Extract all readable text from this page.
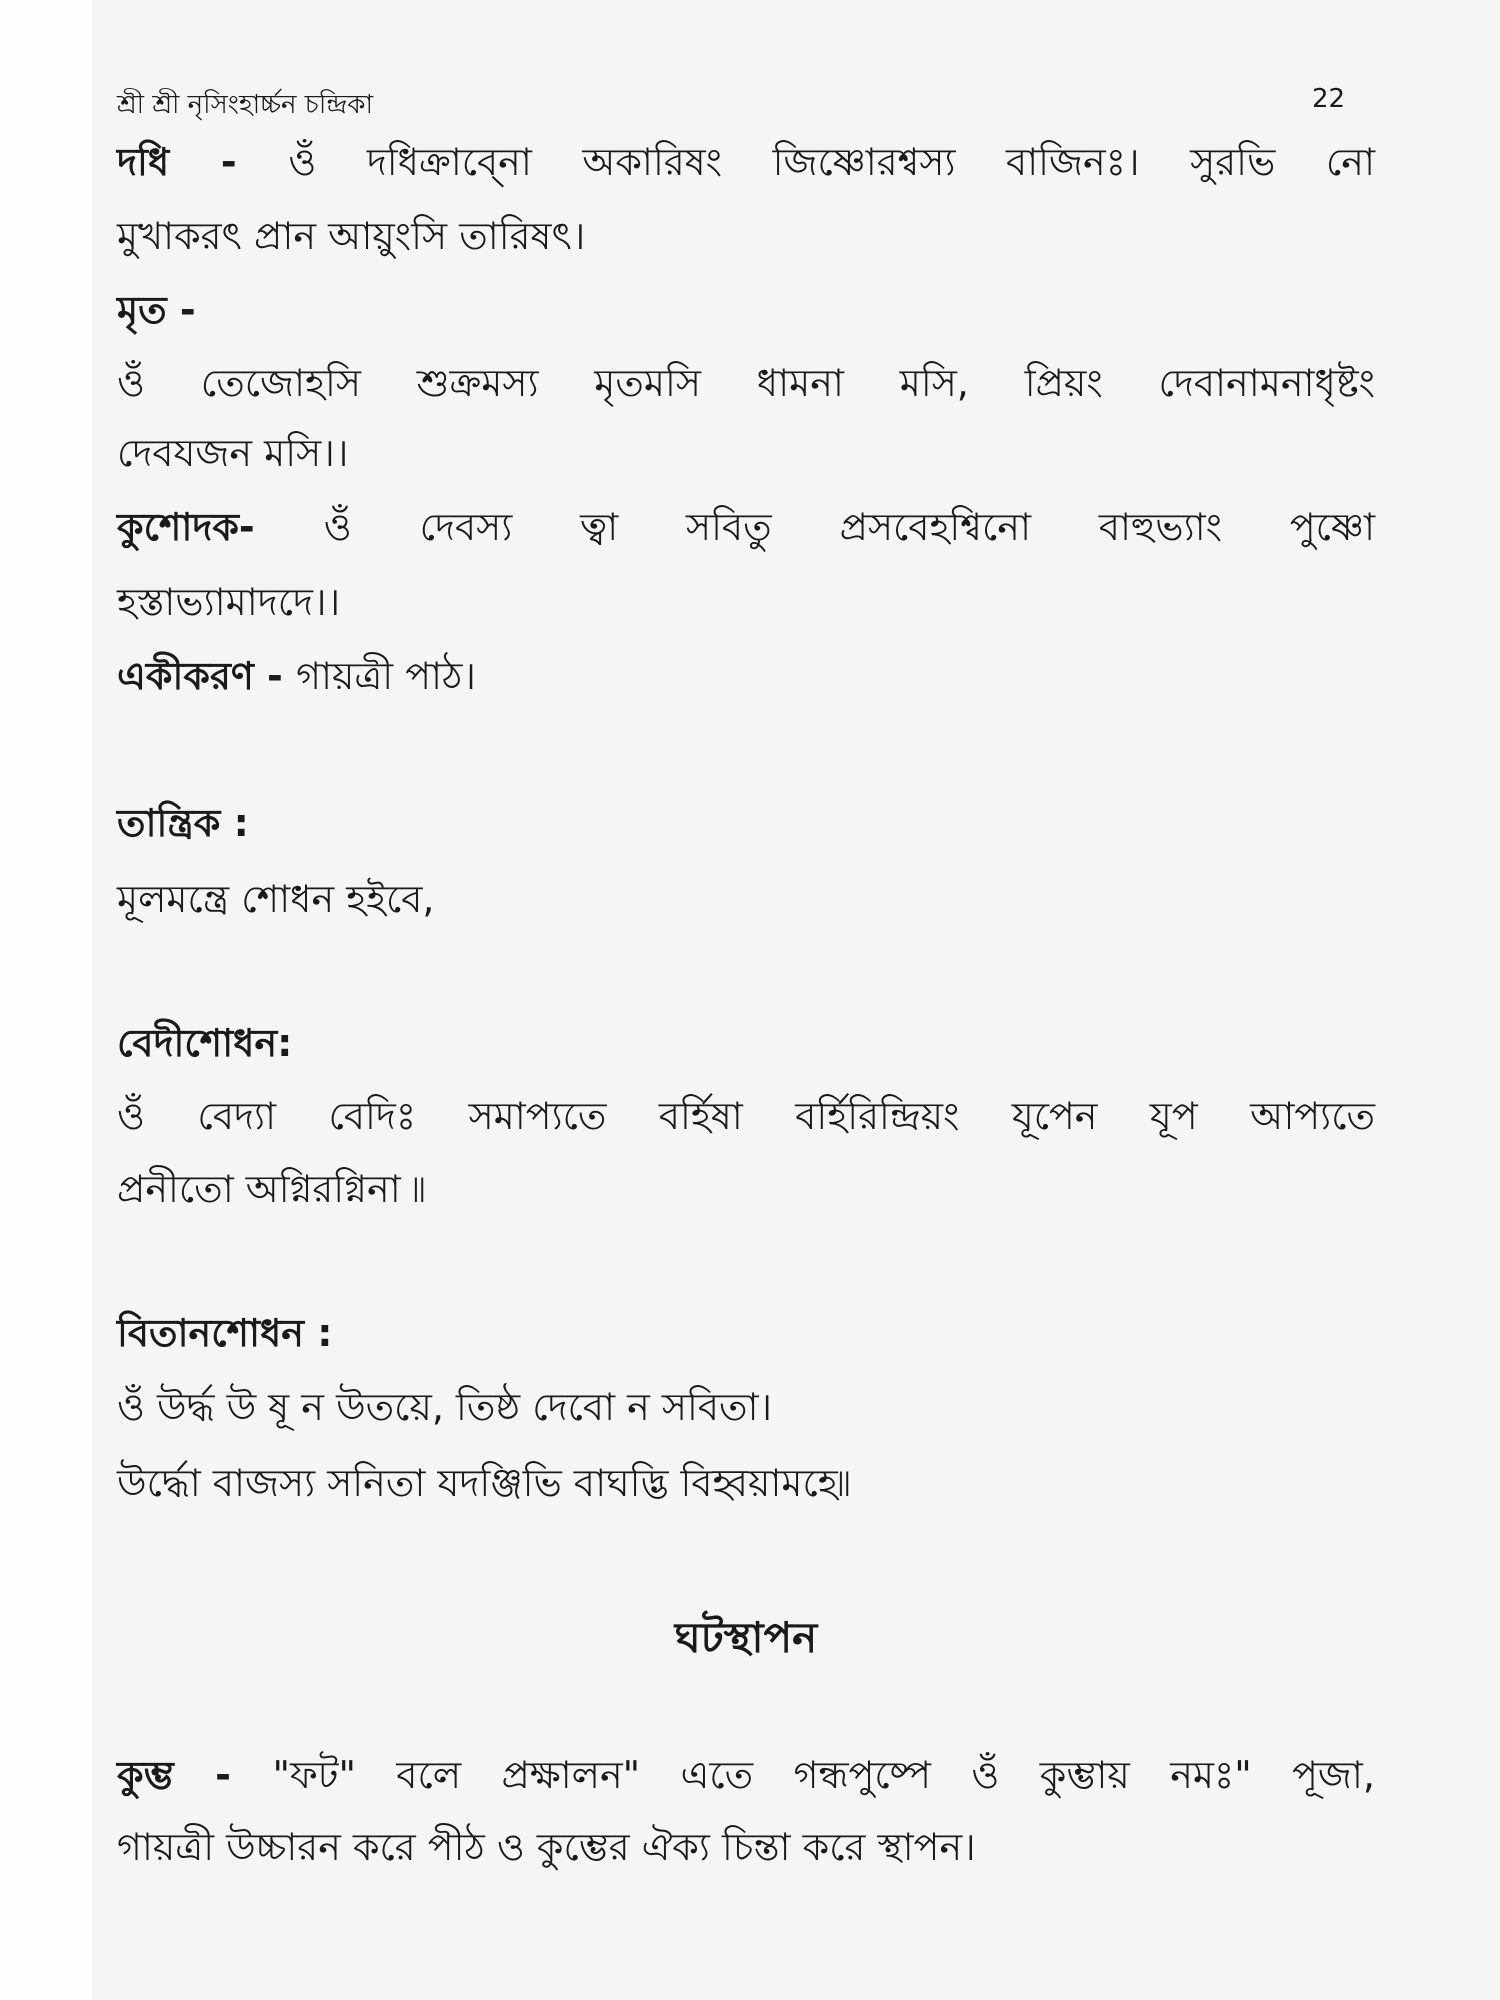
শ্রী শ্রী নৃসিংহার্চ্চন চন্দ্রিকা	22
দধি - ওঁ দধিক্রাব্নো অকারিষং জিষ্ণোরশ্বস্য বাজিনঃ। সুরভি নো
মুখাকরৎ প্রান আয়ুংসি তারিষৎ।
মৃত -
ওঁ তেজোহসি শুক্রমস্য মৃতমসি ধামনা মসি, প্রিয়ং দেবানামনাধৃষ্টং
দেবযজন মসি।।
কুশোদক- ওঁ দেবস্য ত্বা সবিতু প্রসবেহশ্বিনো বাহুভ্যাং পুষ্ণো
হস্তাভ্যামাদদে।।
একীকরণ - গায়ত্রী পাঠ।
তান্ত্রিক :
মূলমন্ত্রে শোধন হইবে,
বেদীশোধন:
ওঁ বেদ্যা বেদিঃ সমাপ্যতে বর্হিষা বর্হিরিন্দ্রিয়ং যূপেন যূপ আপ্যতে
প্রনীতো অগ্নিরগ্নিনা ৷৷
বিতানশোধন :
ওঁ উর্দ্ধ উ ষূ ন উতয়ে, তিষ্ঠ দেবো ন সবিতা।
উর্দ্ধো বাজস্য সনিতা যদঞ্জিভি বাঘদ্ভি বিহ্বয়ামহে৷৷
কুম্ভ - "ফট" বলে প্রক্ষালন" এতে গন্ধপুষ্পে ওঁ কুম্ভায় নমঃ" পূজা,
গায়ত্রী উচ্চারন করে পীঠ ও কুম্ভের ঐক্য চিন্তা করে স্থাপন।
ঘটস্থাপন
